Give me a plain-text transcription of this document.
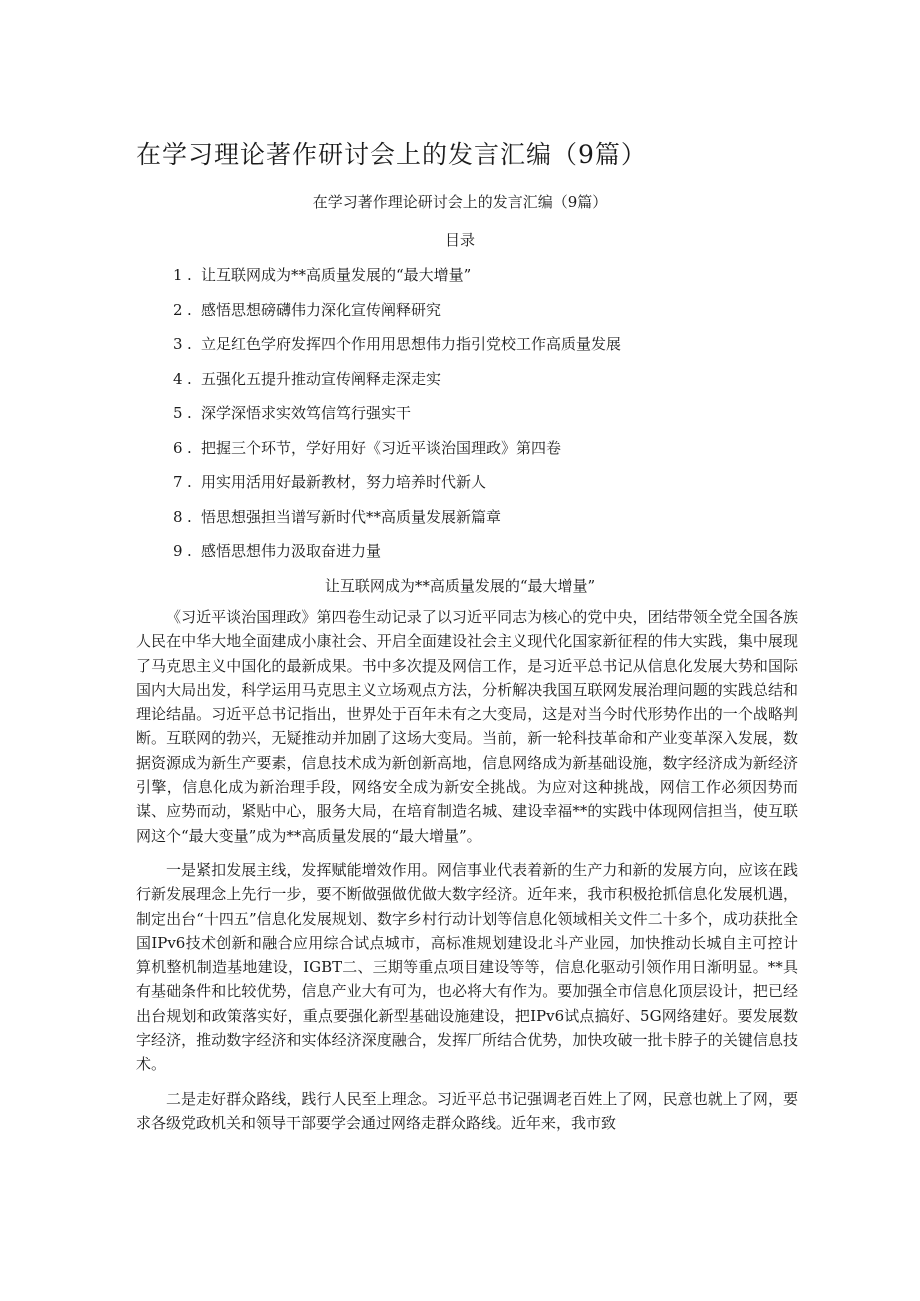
在学习理论著作研讨会上的发言汇编（9篇）
在学习著作理论研讨会上的发言汇编（9篇）
目录
1 . 让互联网成为**高质量发展的“最大增量”
2 . 感悟思想磅礴伟力深化宣传阐释研究
3 . 立足红色学府发挥四个作用用思想伟力指引党校工作高质量发展
4 . 五强化五提升推动宣传阐释走深走实
5 . 深学深悟求实效笃信笃行强实干
6 . 把握三个环节，学好用好《习近平谈治国理政》第四卷
7 . 用实用活用好最新教材，努力培养时代新人
8 . 悟思想强担当谱写新时代**高质量发展新篇章
9 . 感悟思想伟力汲取奋进力量
让互联网成为**高质量发展的“最大增量”

《习近平谈治国理政》第四卷生动记录了以习近平同志为核心的党中央，团结带领全党全国各族人民在中华大地全面建成小康社会、开启全面建设社会主义现代化国家新征程的伟大实践，集中展现了马克思主义中国化的最新成果。书中多次提及网信工作，是习近平总书记从信息化发展大势和国际国内大局出发，科学运用马克思主义立场观点方法，分析解决我国互联网发展治理问题的实践总结和理论结晶。习近平总书记指出，世界处于百年未有之大变局，这是对当今时代形势作出的一个战略判断。互联网的勃兴，无疑推动并加剧了这场大变局。当前，新一轮科技革命和产业变革深入发展，数据资源成为新生产要素，信息技术成为新创新高地，信息网络成为新基础设施，数字经济成为新经济引擎，信息化成为新治理手段，网络安全成为新安全挑战。为应对这种挑战，网信工作必须因势而谋、应势而动，紧贴中心，服务大局，在培育制造名城、建设幸福**的实践中体现网信担当，使互联网这个“最大变量”成为**高质量发展的“最大增量”。

一是紧扣发展主线，发挥赋能增效作用。网信事业代表着新的生产力和新的发展方向，应该在践行新发展理念上先行一步，要不断做强做优做大数字经济。近年来，我市积极抢抓信息化发展机遇，制定出台“十四五”信息化发展规划、数字乡村行动计划等信息化领域相关文件二十多个，成功获批全国IPv6技术创新和融合应用综合试点城市，高标准规划建设北斗产业园，加快推动长城自主可控计算机整机制造基地建设，IGBT二、三期等重点项目建设等等，信息化驱动引领作用日渐明显。**具有基础条件和比较优势，信息产业大有可为，也必将大有作为。要加强全市信息化顶层设计，把已经出台规划和政策落实好，重点要强化新型基础设施建设，把IPv6试点搞好、5G网络建好。要发展数字经济，推动数字经济和实体经济深度融合，发挥厂所结合优势，加快攻破一批卡脖子的关键信息技术。

二是走好群众路线，践行人民至上理念。习近平总书记强调老百姓上了网，民意也就上了网，要求各级党政机关和领导干部要学会通过网络走群众路线。近年来，我市致
